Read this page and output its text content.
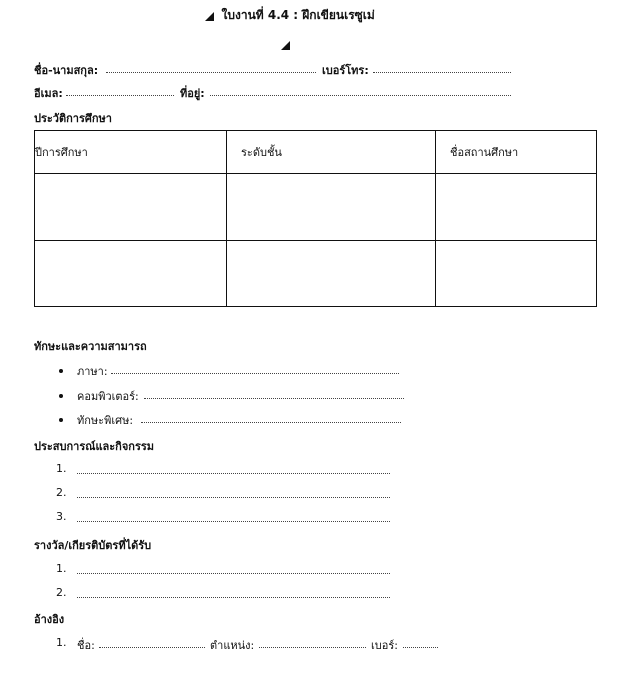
ใบงานที่ 4.4 : ฝึกเขียนเรซูเม่
ชื่อ-นามสกุล:	เบอร์โทร:
อีเมล:	ที่อยู่:
ประวัติการศึกษา
ปีการศึกษา	ระดับชั้น	ชื่อสถานศึกษา

ทักษะและความสามารถ
ภาษา:
คอมพิวเตอร์:
ทักษะพิเศษ:
ประสบการณ์และกิจกรรม
1.
2.
3.
รางวัล/เกียรติบัตรที่ได้รับ
1.
2.
อ้างอิง
1. ชื่อ:	ตำแหน่ง:	เบอร์:
